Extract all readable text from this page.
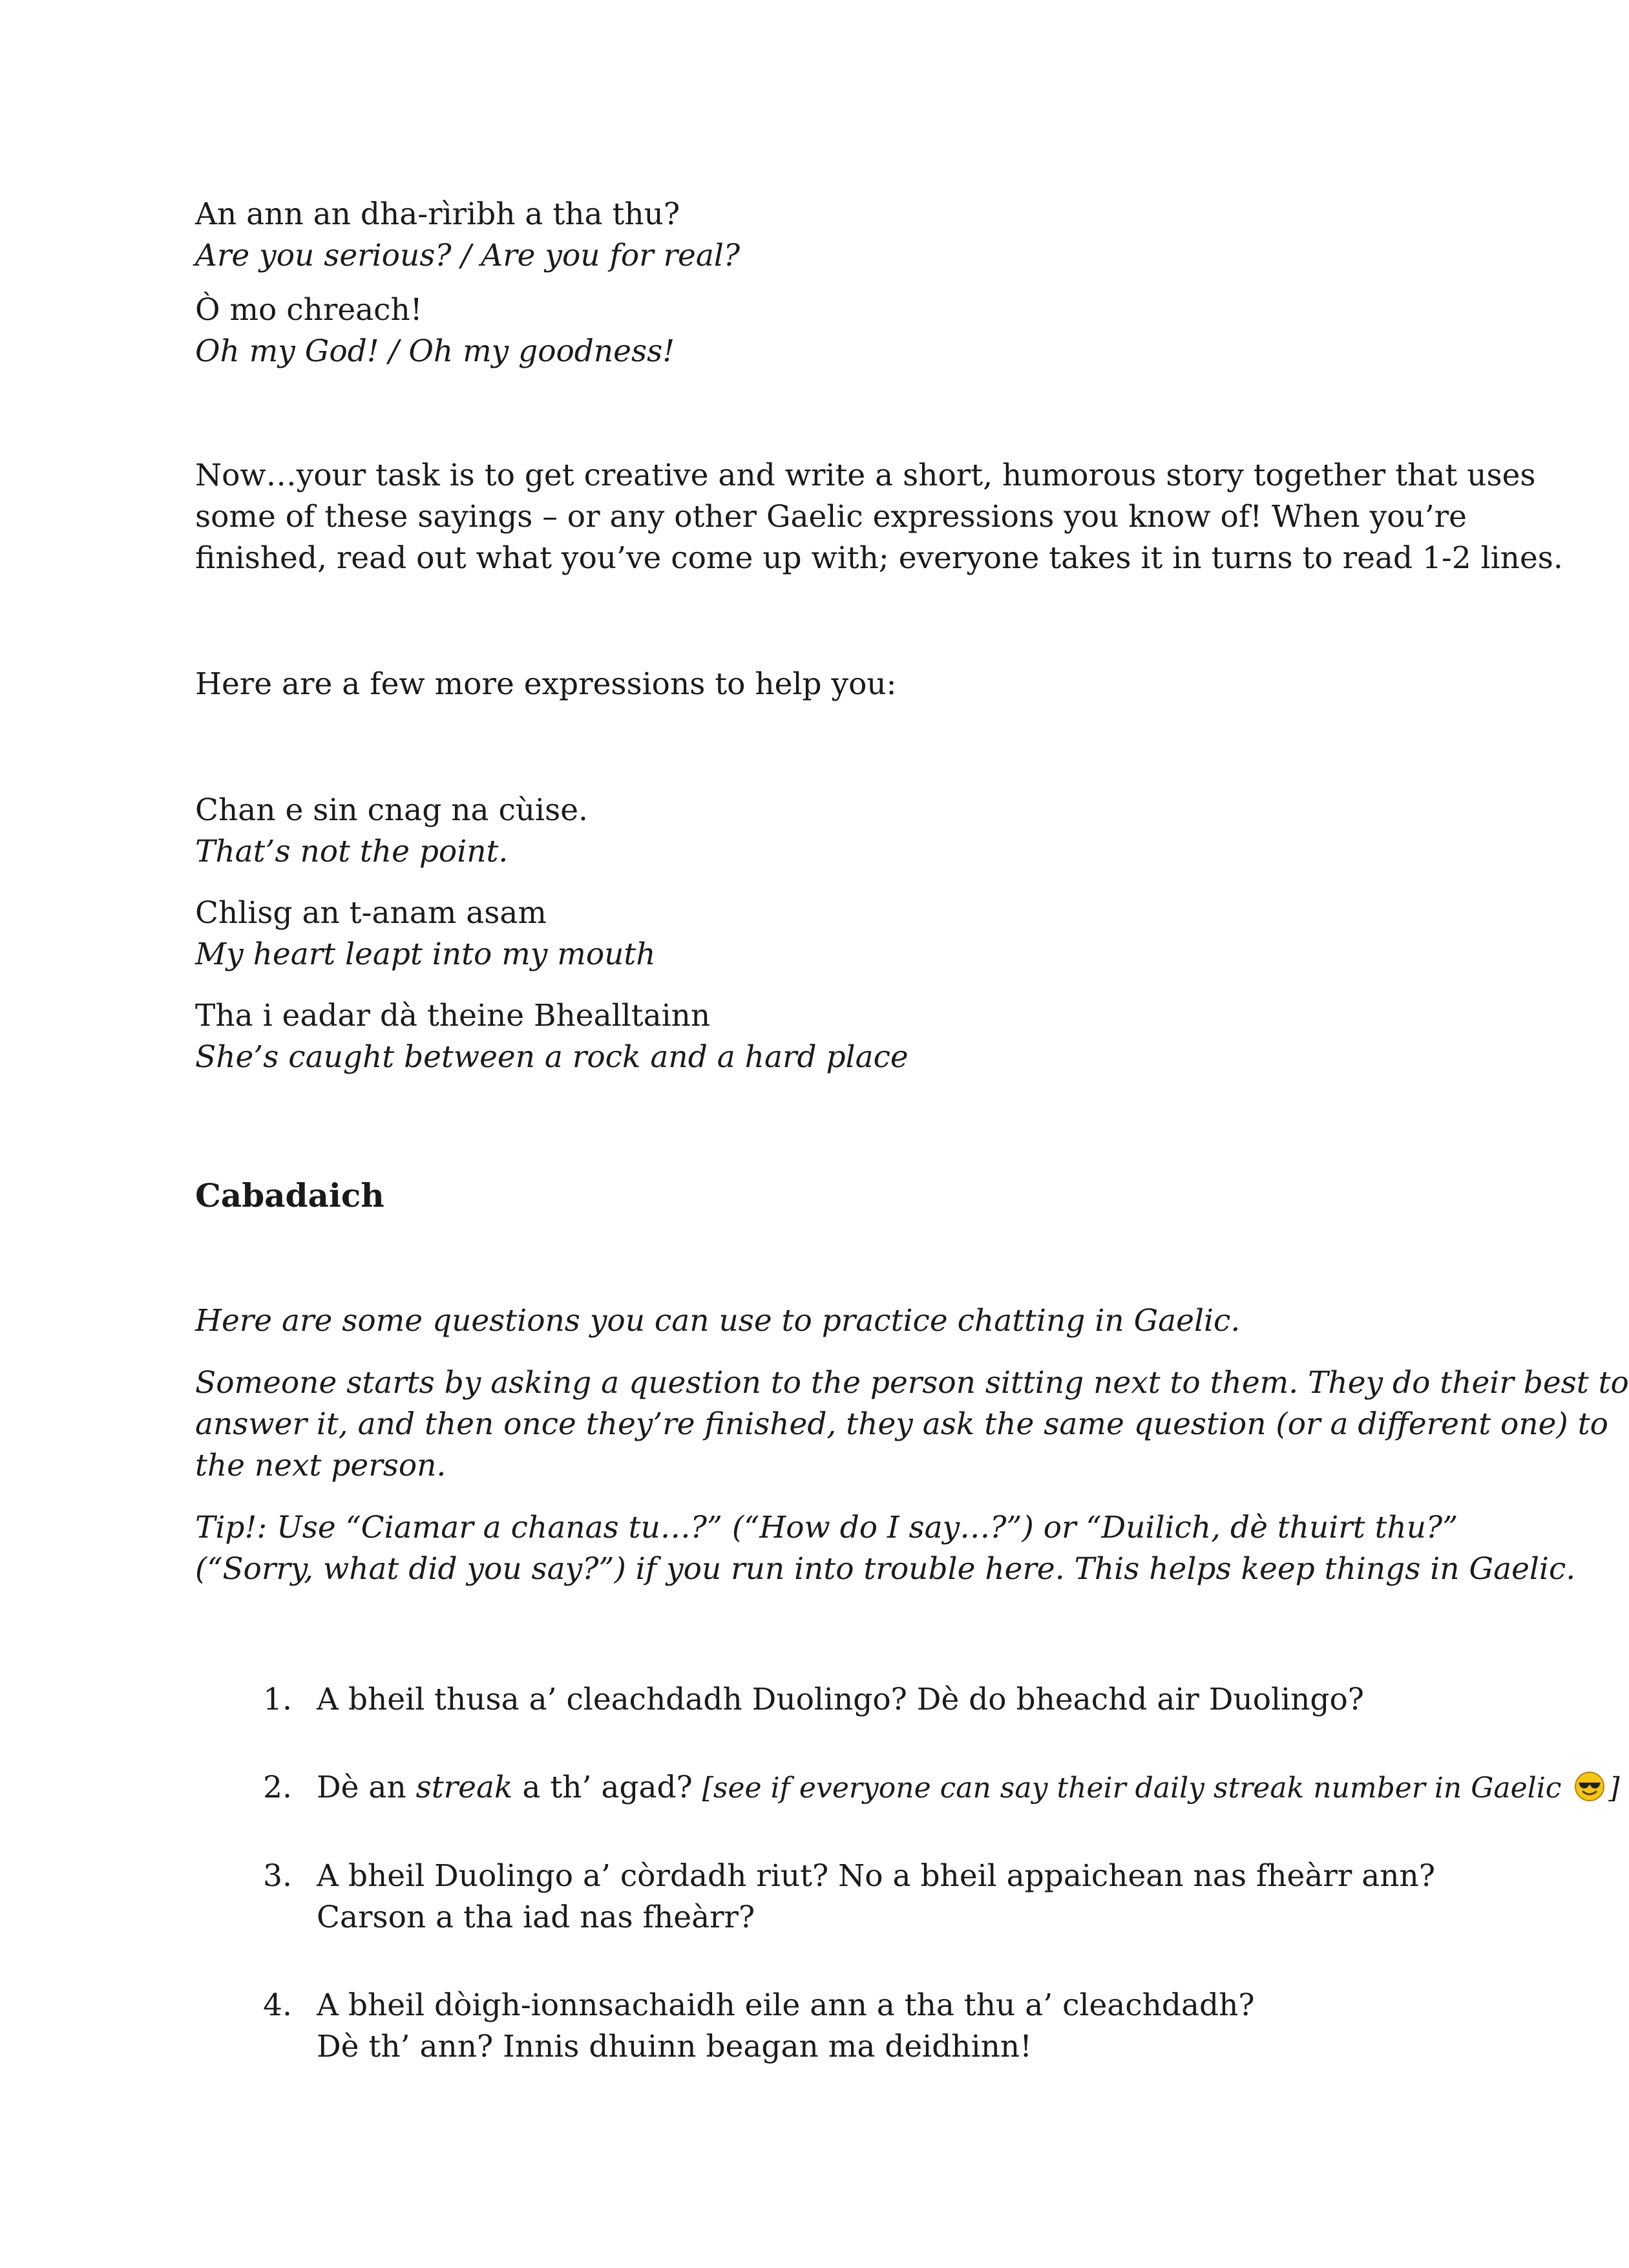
An ann an dha-rìribh a tha thu?

Are you serious? / Are you for real?

Ò mo chreach!

Oh my God! / Oh my goodness!

Now…your task is to get creative and write a short, humorous story together that uses

some of these sayings – or any other Gaelic expressions you know of! When you’re

finished, read out what you’ve come up with; everyone takes it in turns to read 1-2 lines.

Here are a few more expressions to help you:

Chan e sin cnag na cùise.

That’s not the point.

Chlisg an t-anam asam

My heart leapt into my mouth

Tha i eadar dà theine Bhealltainn

She’s caught between a rock and a hard place

Cabadaich

Here are some questions you can use to practice chatting in Gaelic.

Someone starts by asking a question to the person sitting next to them. They do their best to

answer it, and then once they’re finished, they ask the same question (or a different one) to

the next person.

Tip!: Use “Ciamar a chanas tu…?” (“How do I say…?”) or “Duilich, dè thuirt thu?”

(“Sorry, what did you say?”) if you run into trouble here. This helps keep things in Gaelic.

1. A bheil thusa a’ cleachdadh Duolingo? Dè do bheachd air Duolingo?
2. Dè an streak a th’ agad? [see if everyone can say their daily streak number in Gaelic ]
3. A bheil Duolingo a’ còrdadh riut? No a bheil appaichean nas fheàrr ann?
Carson a tha iad nas fheàrr?
4. A bheil dòigh-ionnsachaidh eile ann a tha thu a’ cleachdadh?
Dè th’ ann? Innis dhuinn beagan ma deidhinn!
